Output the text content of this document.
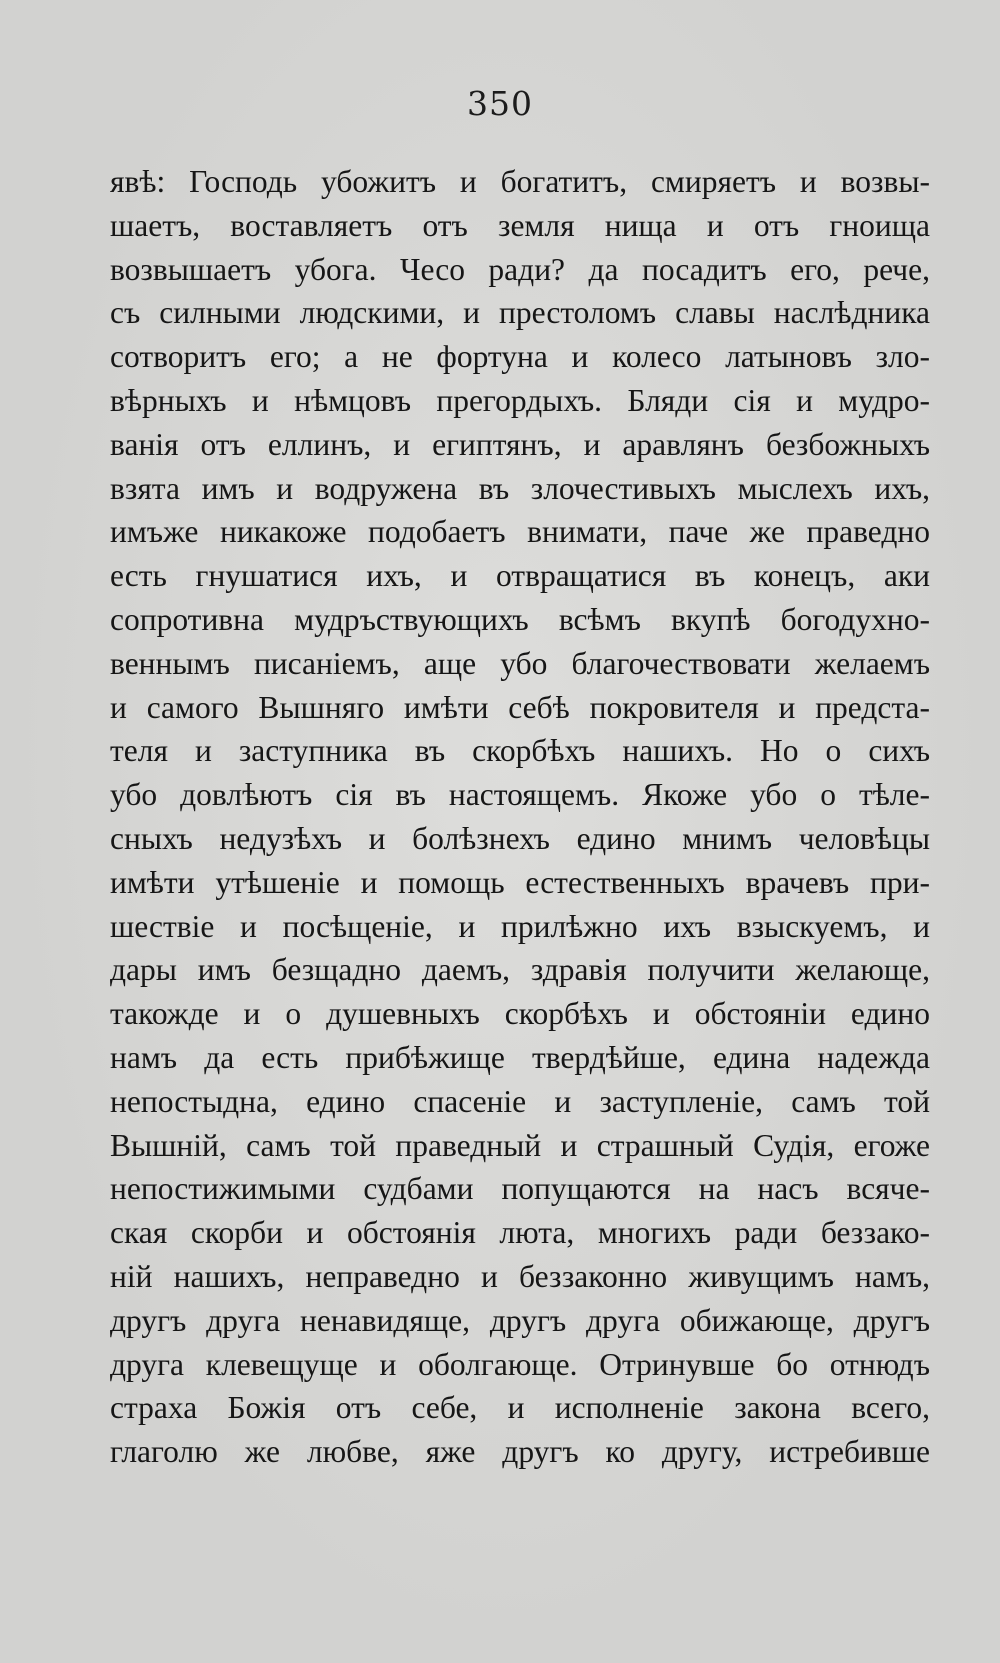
350
явѣ: Господь убожитъ и богатитъ, смиряетъ и возвы-
шаетъ, воставляетъ отъ земля нища и отъ гноища
возвышаетъ убога. Чесо ради? да посадитъ его, рече,
съ силными людскими, и престоломъ славы наслѣдника
сотворитъ его; а не фортуна и колесо латыновъ зло-
вѣрныхъ и нѣмцовъ прегордыхъ. Бляди сія и мудро-
ванія отъ еллинъ, и египтянъ, и аравлянъ безбожныхъ
взята имъ и водружена въ злочестивыхъ мыслехъ ихъ,
имъже никакоже подобаетъ внимати, паче же праведно
есть гнушатися ихъ, и отвращатися въ конецъ, аки
сопротивна мудръствующихъ всѣмъ вкупѣ богодухно-
веннымъ писаніемъ, аще убо благочествовати желаемъ
и самого Вышняго имѣти себѣ покровителя и предста-
теля и заступника въ скорбѣхъ нашихъ. Но о сихъ
убо довлѣютъ сія въ настоящемъ. Якоже убо о тѣле-
сныхъ недузѣхъ и болѣзнехъ едино мнимъ человѣцы
имѣти утѣшеніе и помощь естественныхъ врачевъ при-
шествіе и посѣщеніе, и прилѣжно ихъ взыскуемъ, и
дары имъ безщадно даемъ, здравія получити желающе,
такожде и о душевныхъ скорбѣхъ и обстояніи едино
намъ да есть прибѣжище твердѣйше, едина надежда
непостыдна, едино спасеніе и заступленіе, самъ той
Вышній, самъ той праведный и страшный Судія, егоже
непостижимыми судбами попущаются на насъ всяче-
ская скорби и обстоянія люта, многихъ ради беззако-
ній нашихъ, неправедно и беззаконно живущимъ намъ,
другъ друга ненавидяще, другъ друга обижающе, другъ
друга клевещуще и оболгающе. Отринувше бо отнюдъ
страха Божія отъ себе, и исполненіе закона всего,
глаголю же любве, яже другъ ко другу, истребивше
